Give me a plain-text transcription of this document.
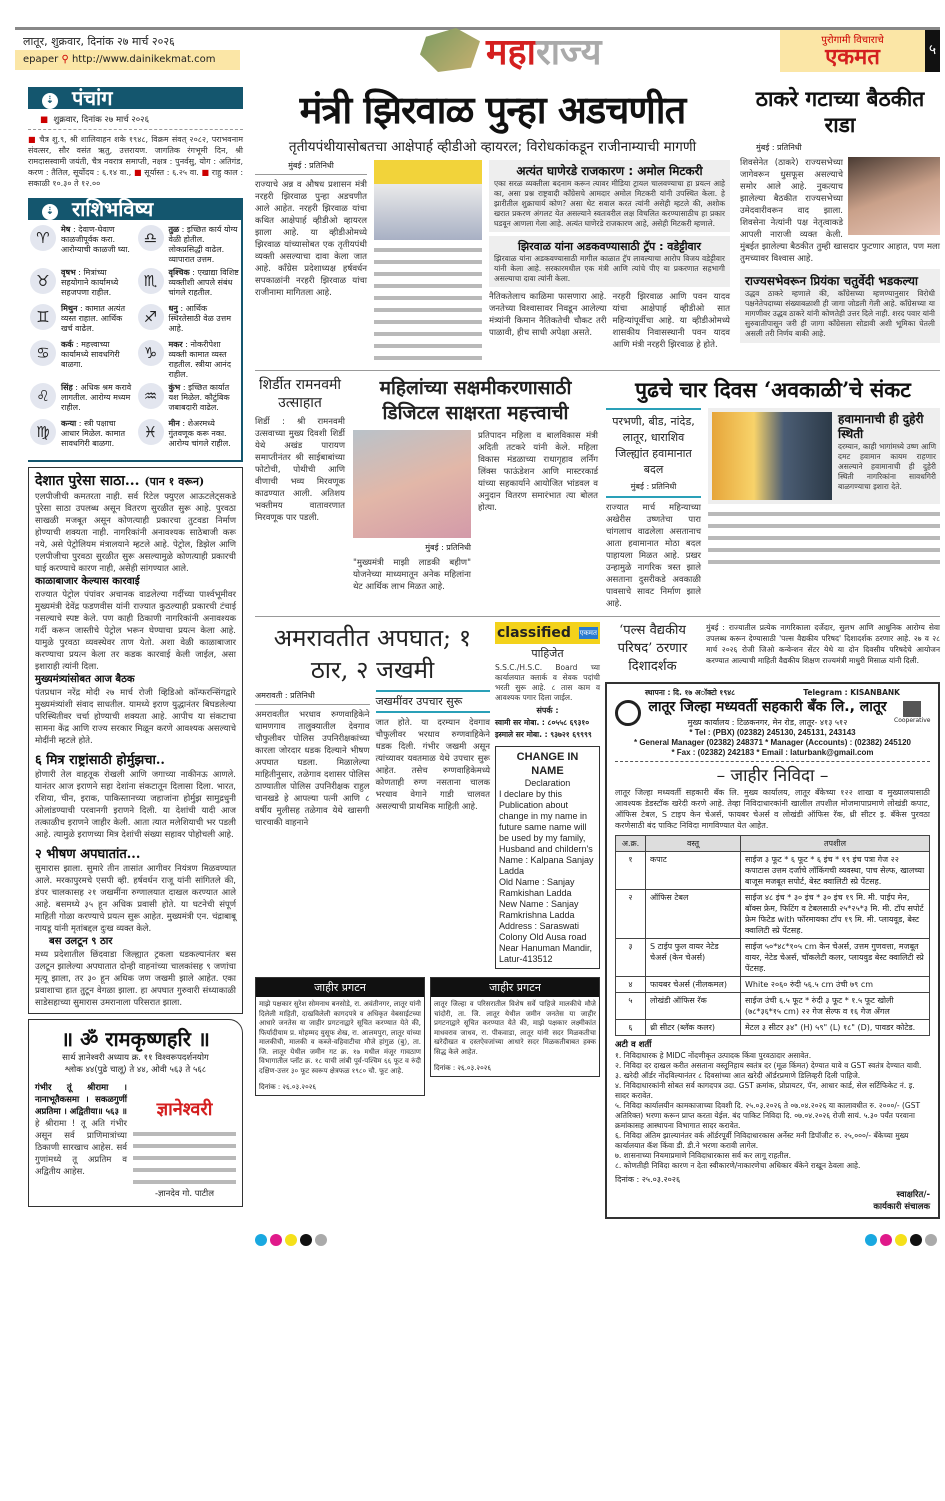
लातूर, शुक्रवार, दिनांक २७ मार्च २०२६
epaper ⚲ http://www.dainikekmat.com	महा राज्य	पुरोगामी विचाराचे
एकमत	५
⇣ पंचांग
■ शुक्रवार, दिनांक २७ मार्च २०२६
■ चैत्र शु.९, श्री शालिवाहन शके १९४८, विक्रम संवत् २०८२, पराभवनाम संवत्सर, सौर वसंत ऋतु, उत्तरायण. जागतिक रंगभूमी दिन, श्री रामदासस्वामी जयंती, चैत्र नवरात्र समाप्ती, नक्षत्र : पुनर्वसु, योग : अतिगंड, करण : तैतिल, सूर्योदय : ६.१४ वा., ■ सूर्यास्त : ६.२५ वा. ■ राहु काल : सकाळी १०.३० ते १२.००
⇣ राशिभविष्य
♈	मेष : देवाण-घेवाण काळजीपूर्वक करा. आरोग्याची काळजी घ्या.
♎	तुळ : इच्छित कार्य योग्य वेळी होतील. लोकप्रसिद्धी वाढेल. व्यापारात उत्तम.
♉	वृषभ : मित्रांच्या सहयोगाने कार्यामध्ये सहजपणा राहील.
♏	वृश्चिक : एखाद्या विशिष्ट व्यक्तीशी आपले संबंध चांगले राहतील.
♊	मिथुन : कामात अत्यंत व्यस्त राहाल. आर्थिक खर्च वाढेल.
♐	धनु : आर्थिक स्थिरतेसाठी वेळ उत्तम आहे.
♋	कर्क : महत्त्वाच्या कार्यामध्ये सावधगिरी बाळगा.
♑	मकर : नोकरीपेशा व्यक्ती कामात व्यस्त राहतील. स्त्रीया आनंद राहील.
♌	सिंह : अधिक श्रम करावे लागतील. आरोग्य मध्यम राहील.
♒	कुंभ : इच्छित कार्यात यश मिळेल. कौटुंबिक जबाबदारी वाढेल.
♍	कन्या : स्त्री पक्षाचा आधार मिळेल. कामात सावधगिरी बाळगा.
♓	मीन : शेअरमध्ये गुंतवणूक करू नका. आरोग्य चांगले राहील.
देशात पुरेसा साठा... (पान १ वरून)

एलपीजीची कमतरता नाही. सर्व रिटेल फ्युएल आऊटलेट्सकडे पुरेसा साठा उपलब्ध असून वितरण सुरळीत सुरू आहे. पुरवठा साखळी मजबूत असून कोणत्याही प्रकारचा तुटवडा निर्माण होण्याची शक्यता नाही. नागरिकांनी अनावश्यक साठेबाजी करू नये, असे पेट्रोलियम मंत्रालयाने म्हटले आहे. पेट्रोल, डिझेल आणि एलपीजीचा पुरवठा सुरळीत सुरू असल्यामुळे कोणत्याही प्रकारची घाई करण्याचे कारण नाही, असेही सांगण्यात आले.

काळाबाजार केल्यास कारवाई

राज्यात पेट्रोल पंपांवर अचानक वाढलेल्या गर्दीच्या पार्श्वभूमीवर मुख्यमंत्री देवेंद्र फडणवीस यांनी राज्यात कुठल्याही प्रकारची टंचाई नसल्याचे स्पष्ट केले. पण काही ठिकाणी नागरिकांनी अनावश्यक गर्दी करून जास्तीचे पेट्रोल भरून घेण्याचा प्रयत्न केला आहे. यामुळे पुरवठा व्यवस्थेवर ताण येतो. अशा वेळी काळाबाजार करण्याचा प्रयत्न केला तर कडक कारवाई केली जाईल, असा इशाराही त्यांनी दिला.

मुख्यमंत्र्यांसोबत आज बैठक

पंतप्रधान नरेंद्र मोदी २७ मार्च रोजी व्हिडिओ कॉन्फरन्सिंगद्वारे मुख्यमंत्र्यांशी संवाद साधतील. यामध्ये इराण युद्धानंतर बिघडलेल्या परिस्थितीवर चर्चा होण्याची शक्यता आहे. आपीच या संकटाचा सामना केंद्र आणि राज्य सरकार मिळून करणे आवश्यक असल्याचे मोदींनी म्हटले होते.

६ मित्र राष्ट्रांसाठी होर्मुझचा..

होणारी तेल वाहतूक रोखली आणि जगाच्या नाकीनऊ आणले. यानंतर आज इराणने सहा देशांना संकटातून दिलासा दिला. भारत, रशिया, चीन, इराक, पाकिस्तानच्या जहाजांना होर्मुझ सामुद्रधुनी ओलांडण्याची परवानगी इराणने दिली. या देशांची यादी आज तत्काळीच इराणने जाहीर केली. आता त्यात मलेशियाची भर पडली आहे. त्यामुळे इराणच्या मित्र देशांची संख्या सहावर पोहोचली आहे.

२ भीषण अपघातांत...

सुमारास झाला. सुमारे तीन तासांत आगीवर नियंत्रण मिळवण्यात आले. मरकापुरमचे एसपी व्ही. हर्षवर्धन राजू यांनी सांगितले की, डंपर चालकासह २१ जखमींना रुग्णालयात दाखल करण्यात आले आहे. बसमध्ये ३५ हून अधिक प्रवासी होते. या घटनेची संपूर्ण माहिती गोळा करण्याचे प्रयत्न सुरू आहेत. मुख्यमंत्री एन. चंद्राबाबू नायडू यांनी मृतांबद्दल दुःख व्यक्त केले.

बस उलटून ९ ठार

मध्य प्रदेशातील छिंदवाडा जिल्ह्यात ट्रकला धडकल्यानंतर बस उलटून झालेल्या अपघातात दोन्ही वाहनांच्या चालकांसह ९ जणांचा मृत्यू झाला, तर ३० हून अधिक जण जखमी झाले आहेत. एका प्रवाशाचा हात तुटून वेगळा झाला. हा अपघात गुरुवारी संध्याकाळी साडेसहाच्या सुमारास उमरानाला परिसरात झाला.

॥ ॐ रामकृष्णहरि ॥
सार्थ ज्ञानेश्वरी अध्याय क्र. ११ विश्वरूपदर्शनयोग
श्लोक ४४(पुढे चालू) ते ४४, ओवी ५६३ ते ५६८

गंभीर तूं श्रीरामा । नानाभूतैकसमा । सकळगुणीं अप्रतिमा । अद्वितीया॥ ५६३ ॥

हे श्रीरामा ! तू अति गंभीर असून सर्व प्राणिमात्रांच्या ठिकाणी सारखाच आहेस. सर्व गुणांमध्ये तू अप्रतिम व अद्वितीय आहेस.

ज्ञानेश्वरी
-ज्ञानदेव गो. पाटील
मंत्री झिरवाळ पुन्हा अडचणीत
तृतीयपंथीयासोबतचा आक्षेपार्ह व्हीडीओ व्हायरल; विरोधकांकडून राजीनाम्याची मागणी
मुंबई : प्रतिनिधी

राज्याचे अन्न व औषध प्रशासन मंत्री नरहरी झिरवाळ पुन्हा अडचणीत आले आहेत. नरहरी झिरवाळ यांचा कथित आक्षेपार्ह व्हीडीओ व्हायरल झाला आहे. या व्हीडीओमध्ये झिरवाळ यांच्यासोबत एक तृतीयपंथी व्यक्ती असल्याचा दावा केला जात आहे. काँग्रेस प्रदेशाध्यक्ष हर्षवर्धन सपकाळांनी नरहरी झिरवाळ यांचा राजीनामा मागितला आहे.

अत्यंत घाणेरडे राजकारण : अमोल मिटकरी

एका सरळ व्यक्तीला बदनाम करून त्यावर मीडिया ट्रायल चालवण्याचा हा प्रयत्न आहे का, असा प्रश्न राष्ट्रवादी काँग्रेसचे आमदार अमोल मिटकरी यांनी उपस्थित केला. हे झारीतील शुक्राचार्य कोण? असा थेट सवाल करत त्यांनी असेही म्हटले की, अशोक खरात प्रकरण अंगलट येत असल्याने स्वतःवरील लक्ष विचलित करण्यासाठीच हा प्रकार घडवून आणला गेला आहे. अत्यंत घाणेरडे राजकारण आहे, असेही मिटकरी म्हणाले.

झिरवाळ यांना अडकवण्यासाठी ट्रॅप : वडेट्टीवार

झिरवाळ यांना अडकवण्यासाठी मागील काळात ट्रॅप लावल्याचा आरोप विजय वडेट्टीवार यांनी केला आहे. सरकारमधील एक मंत्री आणि त्यांचे पीए या प्रकरणात सहभागी असल्याचा दावा त्यांनी केला.

नैतिकतेलाच काळिमा फासणारा आहे. जनतेच्या विश्वासावर निवडून आलेल्या मंत्र्यांनी किमान नैतिकतेची चौकट तरी पाळावी, हीच साधी अपेक्षा असते.

नरहरी झिरवाळ आणि पवन यादव यांचा आक्षेपार्ह व्हीडीओ सात महिन्यांपूर्वीचा आहे. या व्हीडीओमध्ये शासकीय निवासस्थानी पवन यादव आणि मंत्री नरहरी झिरवाळ हे होते.

ठाकरे गटाच्या बैठकीत राडा
मुंबई : प्रतिनिधी

शिवसेनेत (ठाकरे) राज्यसभेच्या जागेवरून धुसफूस असल्याचे समोर आले आहे. नुकत्याच झालेल्या बैठकीत राज्यसभेच्या उमेदवारीवरून वाद झाला. शिवसेना नेत्यांनी पक्ष नेतृत्वाकडे आपली नाराजी व्यक्त केली. मुंबईत झालेल्या बैठकीत तुम्ही खासदार फुटणार आहात, पण मला तुमच्यावर विश्वास आहे.

राज्यसभेवरून प्रियंका चतुर्वेदी भडकल्या

उद्धव ठाकरे म्हणाले की, काँग्रेसच्या म्हणण्यानुसार विरोधी पक्षनेतेपदाच्या संख्याबळाशी ही जागा जोडली गेली आहे. काँग्रेसच्या या मागणीवर उद्धव ठाकरे यांनी कोणतेही उत्तर दिले नाही. शरद पवार यांनी सुरुवातीपासून जरी ही जागा काँग्रेसला सोडावी अशी भूमिका घेतली असली तरी निर्णय बाकी आहे.

शिर्डीत रामनवमी उत्साहात

शिर्डी : श्री रामनवमी उत्सवाच्या मुख्य दिवशी शिर्डी येथे अखंड पारायण समाप्तीनंतर श्री साईबाबांच्या फोटोची, पोथीची आणि वीणाची भव्य मिरवणूक काढण्यात आली. अतिशय भक्तीमय वातावरणात मिरवणूक पार पडली.

महिलांच्या सक्षमीकरणासाठी डिजिटल साक्षरता महत्त्वाची
मुंबई : प्रतिनिधी

"मुख्यमंत्री माझी लाडकी बहीण" योजनेच्या माध्यमातून अनेक महिलांना थेट आर्थिक लाभ मिळत आहे.

प्रतिपादन महिला व बालविकास मंत्री अदिती तटकरे यांनी केले. महिला विकास मंडळाच्या राधागृहाव लर्निंग लिंक्स फाऊंडेशन आणि मास्टरकार्ड यांच्या सहकार्याने आयोजित भांडवल व अनुदान वितरण समारंभात त्या बोलत होत्या.

पुढचे चार दिवस ‘अवकाळी’चे संकट
परभणी, बीड, नांदेड, लातूर, धाराशिव जिल्ह्यांत हवामानात बदल
मुंबई : प्रतिनिधी

राज्यात मार्च महिन्याच्या अखेरीस उष्णतेचा पारा चांगलाच वाढलेला असतानाच आता हवामानात मोठा बदल पाहायला मिळत आहे. प्रखर उन्हामुळे नागरिक त्रस्त झाले असताना दुसरीकडे अवकाळी पावसाचे सावट निर्माण झाले आहे.

हवामानाची ही दुहेरी स्थिती

दरम्यान, काही भागांमध्ये उष्ण आणि दमट हवामान कायम राहणार असल्याने हवामानाची ही दुहेरी स्थिती नागरिकांना सावधगिरी बाळगण्याचा इशारा देते.

अमरावतीत अपघात; १ ठार, २ जखमी
अमरावती : प्रतिनिधी

अमरावतीत भरधाव रुग्णवाहिकेने धामणगाव तालुक्यातील देवगाव चौफुलीवर पोलिस उपनिरीक्षकांच्या कारला जोरदार धडक दिल्याने भीषण अपघात घडला. मिळालेल्या माहितीनुसार, तळेगाव दशासर पोलिस ठाण्यातील पोलिस उपनिरीक्षक राहुल चानखडे हे आपल्या पत्नी आणि ८ वर्षीय मुलीसह तळेगाव येथे खासगी चारचाकी वाहनाने

जखमींवर उपचार सुरू

जात होते. या दरम्यान देवगाव चौफुलीवर भरधाव रुग्णवाहिकेने धडक दिली. गंभीर जखमी असून त्यांच्यावर यवतमाळ येथे उपचार सुरू आहेत. तसेच रुग्णवाहिकेमध्ये कोणताही रुग्ण नसताना चालक भरधाव वेगाने गाडी चालवत असल्याची प्राथमिक माहिती आहे.

classified एकमत
पाहिजेत

S.S.C./H.S.C. Board च्या कार्यालयात क्लार्क व सेवक पदांची भरती सुरू आहे. ८ तास काम व आवश्यक पगार दिला जाईल.

संपर्क :
स्वामी सर मोबा. : ८०५५८ ६९३१०
इस्माले सर मोबा. : ९३७२१ ६९९९९
CHANGE IN NAME
Declaration

I declare by this Publication about change in my name in future same name will be used by my family, Husband and childern's Name : Kalpana Sanjay Ladda

Old Name : Sanjay Ramkishan Ladda

New Name : Sanjay Ramkrishna Ladda

Address : Saraswati Colony Old Ausa road Near Hanuman Mandir, Latur-413512

जाहीर प्रगटन

माझे पक्षकार सुरेश सोमनाथ बनसोडे, रा. अवंतीनगर, लातूर यांनी दिलेली माहिती, दाखविलेली कागदपत्रे व अधिकृत वेबसाईटच्या आधारे जनतेस या जाहीर प्रगटनाद्वारे सूचित करण्यात येते की, फिर्यादीयाम प्र. मोहम्मद युसूफ शेख, रा. आलमपुरा, लातूर यांच्या मालकीची, मालकी व कब्जे-वहिवाटीचा मौजे हांगुळ (बु), ता. जि. लातूर येथील जमीन गट क्र. १७ मधील मंजूर गावठाण विभागातील प्लॉट क्र. १८ याची लांबी पूर्व-पश्चिम ६६ फूट व रुंदी दक्षिण-उत्तर ३० फूट स्वरूप क्षेत्रफळ १९८० चौ. फूट आहे.

दिनांक : २६.०३.२०२६
जाहीर प्रगटन

लातूर जिल्हा व परिसरातील विशेष सर्वे पाहिजे मालकीचे मौजे चांदोरी, ता. जि. लातूर येथील जमीन जनतेस या जाहीर प्रगटनाद्वारे सूचित करण्यात येते की, माझे पक्षकार लक्ष्मीकांत माधवराव जाधव, रा. पीकवाडा, लातूर यांनी सदर मिळकतीचा खरेदीखत व दस्तऐवजांच्या आधारे सदर मिळकतीबाबत हक्क सिद्ध केले आहेत.

दिनांक : २६.०३.२०२६
‘पल्स वैद्यकीय परिषद’ ठरणार दिशादर्शक

मुंबई : राज्यातील प्रत्येक नागरिकाला दर्जेदार, सुलभ आणि आधुनिक आरोग्य सेवा उपलब्ध करून देण्यासाठी 'पल्स वैद्यकीय परिषद' दिशादर्शक ठरणार आहे. २७ व २८ मार्च २०२६ रोजी जिओ कन्वेन्शन सेंटर येथे या दोन दिवसीय परिषदेचे आयोजन करण्यात आल्याची माहिती वैद्यकीय शिक्षण राज्यमंत्री माधुरी मिसाळ यांनी दिली.

स्थापना : दि. १७ अॉक्टो १९४८	Telegram : KISANBANK
लातूर जिल्हा मध्यवर्ती सहकारी बँक लि., लातूर
मुख्य कार्यालय : टिळकनगर, मेन रोड, लातूर- ४१३ ५१२	Cooperative
* Tel : (PBX) (02382) 245130, 245131, 243143
* General Manager (02382) 248371 * Manager (Accounts) : (02382) 245120
* Fax : (02382) 242183 * Email : laturbank@gmail.com
– जाहीर निविदा –

लातूर जिल्हा मध्यवर्ती सहकारी बँक लि. मुख्य कार्यालय, लातूर बँकेच्या १२२ शाखा व मुख्यालयासाठी आवश्यक डेडस्टॉक खरेदी करणे आहे. तेव्हा निविदाधारकांनी खालील तपशील मोजमापाप्रमाणे लोखंडी कपाट, ऑफिस टेबल, S टाइप केन चेअर्स, फायबर चेअर्स व लोखंडी ऑफिस रॅक, थ्री सीटर इ. बँकेस पुरवठा करणेसाठी बंद पाकिट निविदा मागविण्यात येत आहेत.

अ.क्र.	वस्तू	तपशील
१	कपाट	साईज ३ फूट * ६ फूट * ६ इंच * १९ इंच पत्रा गेज २२ कपाटास उत्तम दर्जाचे लॉकिंगची व्यवस्था, पाच सेल्फ, खालच्या बाजूस मजबूत सपोर्ट, बेस्ट क्वालिटी स्प्रे पेंटसह.
२	ऑफिस टेबल	साईज ४८ इंच * ३० इंच * ३० इंच १९ मि. मी. पाईप मेन, बॉक्स फ्रेम, फिटिंग व टेबलसाठी २५*२५*३ मि. मी. टॉप सपोर्ट फ्रेम फिटेड with फॉरमायका टॉप १९ मि. मी. प्लायवूड, बेस्ट क्वालिटी स्प्रे पेंटसह.
३	S टाईप फुल वायर नेटेड चेअर्स (केन चेअर्स)	साईज ५०*४८*१०५ cm केन चेअर्स, उत्तम गुणवत्ता, मजबूत वायर, नेटेड चेअर्स, चॉकलेटी कलर, प्लायवुड बेस्ट क्वालिटी स्प्रे पेंटसह.
४	फायबर चेअर्स (नीलकमल)	White २०६० रुंदी ५६.५ cm उंची ७९ cm
५	लोखंडी ऑफिस रॅक	साईज उंची ६.५ फूट * रुंदी ३ फूट * १.५ फूट खोली (७८*३६*१५ cm) २२ गेज सेल्फ व १६ गेज अँगल
६	थ्री सीटर (ब्लॅक कलर)	मेटल ३ सीटर ३४" (H) ५९" (L) १८" (D), पावडर कोटेड.
अटी व शर्ती
१. निविदाधारक हे MIDC नोंदणीकृत उत्पादक किंवा पुरवठादार असावेत.
२. निविदा दर दाखल करीत असताना वस्तूनिहाय स्वतंत्र दर (मूळ किंमत) देण्यात यावे व GST स्वतंत्र देण्यात यावी.
३. खरेदी ऑर्डर नोंदविल्यानंतर ८ दिवसांच्या आत खरेदी ऑर्डरप्रमाणे डिलिव्हरी दिली पाहिजे.
४. निविदाधारकांनी सोबत सर्व कागदपत्र उदा. GST क्रमांक, प्रोप्रायटर, पॅन, आधार कार्ड, सेल सर्टिफिकेट नं. इ. सादर करावेत.
५. निविदा कार्यालयीन कामकाजाच्या दिवशी दि. २५.०३.२०२६ ते ०७.०४.२०२६ या कालावधीत रु. २०००/- (GST अतिरिक्त) भरणा करून प्राप्त करता येईल. बंद पाकिट निविदा दि. ०७.०४.२०२६ रोजी सायं. ५.३० पर्यंत परवाना क्रमांकासह आस्थापना विभागात सादर करावेत.
६. निविदा अंतिम झाल्यानंतर वर्क ऑर्डरपूर्वी निविदाधारकास अर्नेस्ट मनी डिपॉजीट रु. २५,०००/- बँकेच्या मुख्य कार्यालयात कॅश किंवा डी. डी.ने भरणा करावी लागेल.
७. शासनाच्या नियमाप्रमाणे निविदाधारकास सर्व कर लागू राहतील.
८. कोणतीही निविदा कारण न देता स्वीकारणे/नाकारणेचा अधिकार बँकेने राखून ठेवला आहे.
दिनांक : २५.०३.२०२६
स्वाक्षरित/-
कार्यकारी संचालक
